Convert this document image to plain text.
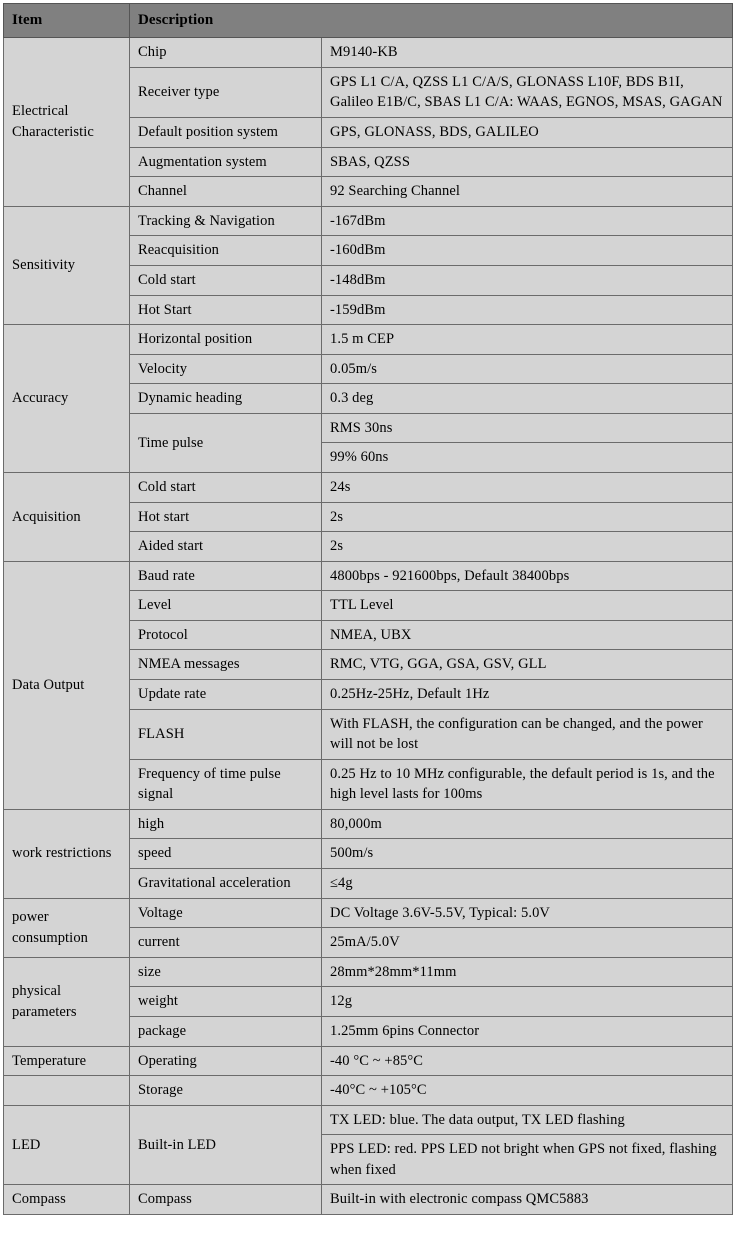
Item	Description	
Electrical Characteristic	Chip	M9140-KB
	Receiver type	GPS L1 C/A, QZSS L1 C/A/S, GLONASS L10F, BDS B1I, Galileo E1B/C, SBAS L1 C/A: WAAS, EGNOS, MSAS, GAGAN
	Default position system	GPS, GLONASS, BDS, GALILEO
	Augmentation system	SBAS, QZSS
	Channel	92 Searching Channel
Sensitivity	Tracking & Navigation	-167dBm
	Reacquisition	-160dBm
	Cold start	-148dBm
	Hot Start	-159dBm
Accuracy	Horizontal position	1.5 m CEP
	Velocity	0.05m/s
	Dynamic heading	0.3 deg
	Time pulse	RMS 30ns
		99% 60ns
Acquisition	Cold start	24s
	Hot start	2s
	Aided start	2s
Data Output	Baud rate	4800bps - 921600bps, Default 38400bps
	Level	TTL Level
	Protocol	NMEA, UBX
	NMEA messages	RMC, VTG, GGA, GSA, GSV, GLL
	Update rate	0.25Hz-25Hz, Default 1Hz
	FLASH	With FLASH, the configuration can be changed, and the power will not be lost
	Frequency of time pulse signal	0.25 Hz to 10 MHz configurable, the default period is 1s, and the high level lasts for 100ms
work restrictions	high	80,000m
	speed	500m/s
	Gravitational acceleration	≤4g
power consumption	Voltage	DC Voltage 3.6V-5.5V, Typical: 5.0V
	current	25mA/5.0V
physical parameters	size	28mm*28mm*11mm
	weight	12g
	package	1.25mm 6pins Connector
Temperature	Operating	-40 °C ~ +85°C
	Storage	-40°C ~ +105°C
LED	Built-in LED	TX LED: blue. The data output, TX LED flashing
		PPS LED: red. PPS LED not bright when GPS not fixed, flashing when fixed
Compass	Compass	Built-in with electronic compass QMC5883
